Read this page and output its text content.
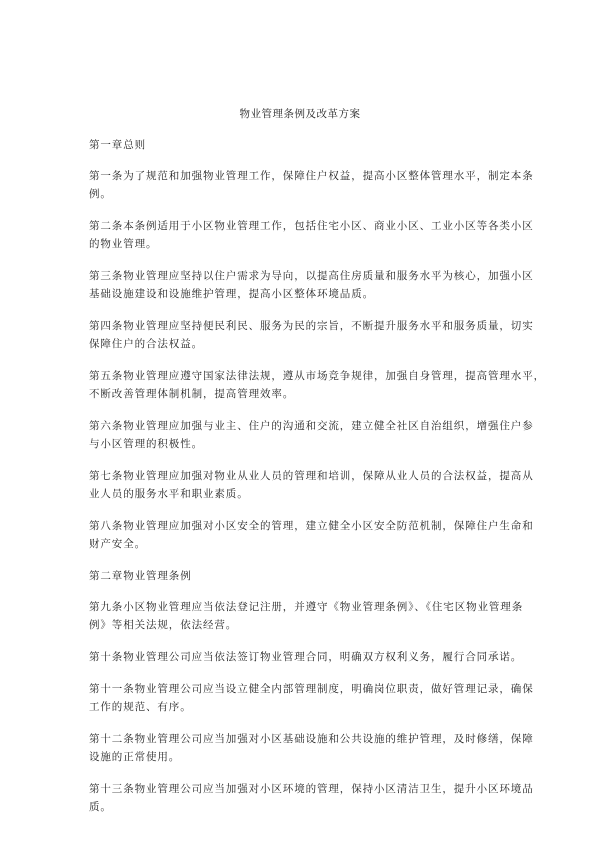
物业管理条例及改革方案

第一章总则

第一条为了规范和加强物业管理工作，保障住户权益，提高小区整体管理水平，制定本条
例。

第二条本条例适用于小区物业管理工作，包括住宅小区、商业小区、工业小区等各类小区
的物业管理。

第三条物业管理应坚持以住户需求为导向，以提高住房质量和服务水平为核心，加强小区
基础设施建设和设施维护管理，提高小区整体环境品质。

第四条物业管理应坚持便民利民、服务为民的宗旨，不断提升服务水平和服务质量，切实
保障住户的合法权益。

第五条物业管理应遵守国家法律法规，遵从市场竞争规律，加强自身管理，提高管理水平，
不断改善管理体制机制，提高管理效率。

第六条物业管理应加强与业主、住户的沟通和交流，建立健全社区自治组织，增强住户参
与小区管理的积极性。

第七条物业管理应加强对物业从业人员的管理和培训，保障从业人员的合法权益，提高从
业人员的服务水平和职业素质。

第八条物业管理应加强对小区安全的管理，建立健全小区安全防范机制，保障住户生命和
财产安全。

第二章物业管理条例

第九条小区物业管理应当依法登记注册，并遵守《物业管理条例》、《住宅区物业管理条
例》等相关法规，依法经营。

第十条物业管理公司应当依法签订物业管理合同，明确双方权利义务，履行合同承诺。

第十一条物业管理公司应当设立健全内部管理制度，明确岗位职责，做好管理记录，确保
工作的规范、有序。

第十二条物业管理公司应当加强对小区基础设施和公共设施的维护管理，及时修缮，保障
设施的正常使用。

第十三条物业管理公司应当加强对小区环境的管理，保持小区清洁卫生，提升小区环境品
质。
